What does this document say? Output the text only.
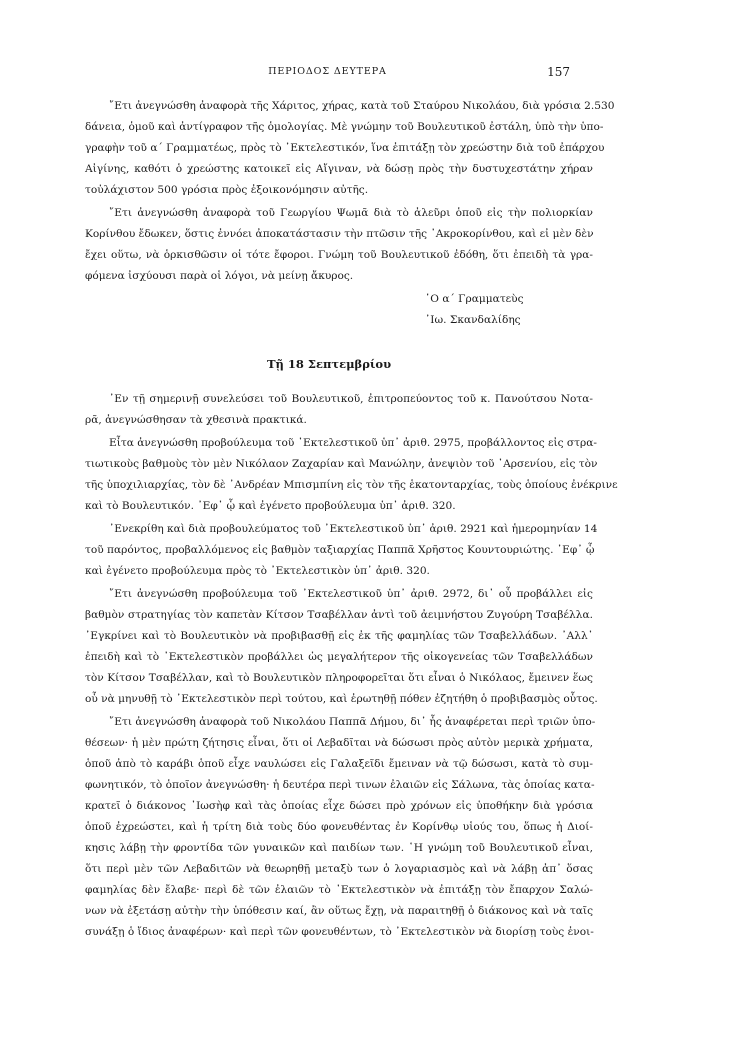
ΠΕΡΙΟΔΟΣ ΔΕΥΤΕΡΑ	157
῎Ετι ἀνεγνώσθη ἀναφορὰ τῆς Χάριτος, χήρας, κατὰ τοῦ Σταύρου Νικολάου, διὰ γρόσια 2.530
δάνεια, ὁμοῦ καὶ ἀντίγραφον τῆς ὁμολογίας. Μὲ γνώμην τοῦ Βουλευτικοῦ ἐστάλη, ὑπὸ τὴν ὑπο-
γραφὴν τοῦ α΄ Γραμματέως, πρὸς τὸ ᾿Εκτελεστικόν, ἵνα ἐπιτάξῃ τὸν χρεώστην διὰ τοῦ ἐπάρχου
Αἰγίνης, καθότι ὁ χρεώστης κατοικεῖ εἰς Αἴγιναν, νὰ δώσῃ πρὸς τὴν δυστυχεστάτην χήραν
τοὐλάχιστον 500 γρόσια πρὸς ἐξοικονόμησιν αὐτῆς.
῎Ετι ἀνεγνώσθη ἀναφορὰ τοῦ Γεωργίου Ψωμᾶ διὰ τὸ ἀλεῦρι ὁποῦ εἰς τὴν πολιορκίαν
Κορίνθου ἔδωκεν, ὅστις ἐννόει ἀποκατάστασιν τὴν πτῶσιν τῆς ᾿Ακροκορίνθου, καὶ εἰ μὲν δὲν
ἔχει οὕτω, νὰ ὁρκισθῶσιν οἱ τότε ἔφοροι. Γνώμη τοῦ Βουλευτικοῦ ἐδόθη, ὅτι ἐπειδὴ τὰ γρα-
φόμενα ἰσχύουσι παρὰ οἱ λόγοι, νὰ μείνῃ ἄκυρος.
῾Ο α΄ Γραμματεὺς
᾿Ιω. Σκανδαλίδης
Τῇ 18 Σεπτεμβρίου
᾿Εν τῇ σημερινῇ συνελεύσει τοῦ Βουλευτικοῦ, ἐπιτροπεύοντος τοῦ κ. Πανούτσου Νοτα-
ρᾶ, ἀνεγνώσθησαν τὰ χθεσινὰ πρακτικά.
Εἶτα ἀνεγνώσθη προβούλευμα τοῦ ᾿Εκτελεστικοῦ ὑπ᾿ ἀριθ. 2975, προβάλλοντος εἰς στρα-
τιωτικοὺς βαθμοὺς τὸν μὲν Νικόλαον Ζαχαρίαν καὶ Μανώλην, ἀνεψιὸν τοῦ ᾿Αρσενίου, εἰς τὸν
τῆς ὑποχιλιαρχίας, τὸν δὲ ᾿Ανδρέαν Μπισμπίνη εἰς τὸν τῆς ἑκατονταρχίας, τοὺς ὁποίους ἐνέκρινε
καὶ τὸ Βουλευτικόν. ᾿Εφ᾿ ᾧ καὶ ἐγένετο προβούλευμα ὑπ᾿ ἀριθ. 320.
᾿Ενεκρίθη καὶ διὰ προβουλεύματος τοῦ ᾿Εκτελεστικοῦ ὑπ᾿ ἀριθ. 2921 καὶ ἡμερομηνίαν 14
τοῦ παρόντος, προβαλλόμενος εἰς βαθμὸν ταξιαρχίας Παππᾶ Χρῆστος Κουντουριώτης. ᾿Εφ᾿ ᾧ
καὶ ἐγένετο προβούλευμα πρὸς τὸ ᾿Εκτελεστικὸν ὑπ᾿ ἀριθ. 320.
῎Ετι ἀνεγνώσθη προβούλευμα τοῦ ᾿Εκτελεστικοῦ ὑπ᾿ ἀριθ. 2972, δι᾿ οὗ προβάλλει εἰς
βαθμὸν στρατηγίας τὸν καπετὰν Κίτσον Τσαβέλλαν ἀντὶ τοῦ ἀειμνήστου Ζυγούρη Τσαβέλλα.
᾿Εγκρίνει καὶ τὸ Βουλευτικὸν νὰ προβιβασθῇ εἰς ἐκ τῆς φαμηλίας τῶν Τσαβελλάδων. ᾿Αλλ᾿
ἐπειδὴ καὶ τὸ ᾿Εκτελεστικὸν προβάλλει ὡς μεγαλήτερον τῆς οἰκογενείας τῶν Τσαβελλάδων
τὸν Κίτσον Τσαβέλλαν, καὶ τὸ Βουλευτικὸν πληροφορεῖται ὅτι εἶναι ὁ Νικόλαος, ἔμεινεν ἕως
οὗ νὰ μηνυθῇ τὸ ᾿Εκτελεστικὸν περὶ τούτου, καὶ ἐρωτηθῇ πόθεν ἐζητήθη ὁ προβιβασμὸς οὗτος.
῎Ετι ἀνεγνώσθη ἀναφορὰ τοῦ Νικολάου Παππᾶ Δήμου, δι᾿ ἧς ἀναφέρεται περὶ τριῶν ὑπο-
θέσεων· ἡ μὲν πρώτη ζήτησις εἶναι, ὅτι οἱ Λεβαδῖται νὰ δώσωσι πρὸς αὐτὸν μερικὰ χρήματα,
ὁποῦ ἀπὸ τὸ καράβι ὁποῦ εἶχε ναυλώσει εἰς Γαλαξεῖδι ἔμειναν νὰ τῷ δώσωσι, κατὰ τὸ συμ-
φωνητικόν, τὸ ὁποῖον ἀνεγνώσθη· ἡ δευτέρα περὶ τινων ἐλαιῶν εἰς Σάλωνα, τὰς ὁποίας κατα-
κρατεῖ ὁ διάκονος ᾿Ιωσὴφ καὶ τὰς ὁποίας εἶχε δώσει πρὸ χρόνων εἰς ὑποθήκην διὰ γρόσια
ὁποῦ ἐχρεώστει, καὶ ἡ τρίτη διὰ τοὺς δύο φονευθέντας ἐν Κορίνθῳ υἱούς του, ὅπως ἡ Διοί-
κησις λάβῃ τὴν φροντίδα τῶν γυναικῶν καὶ παιδίων των. ῾Η γνώμη τοῦ Βουλευτικοῦ εἶναι,
ὅτι περὶ μὲν τῶν Λεβαδιτῶν νὰ θεωρηθῇ μεταξὺ των ὁ λογαριασμὸς καὶ νὰ λάβῃ ἀπ᾿ ὅσας
φαμηλίας δὲν ἔλαβε· περὶ δὲ τῶν ἐλαιῶν τὸ ᾿Εκτελεστικὸν νὰ ἐπιτάξῃ τὸν ἔπαρχον Σαλώ-
νων νὰ ἐξετάσῃ αὐτὴν τὴν ὑπόθεσιν καί, ἂν οὕτως ἔχῃ, νὰ παραιτηθῇ ὁ διάκονος καὶ νὰ ταῖς
συνάξῃ ὁ ἴδιος ἀναφέρων· καὶ περὶ τῶν φονευθέντων, τὸ ᾿Εκτελεστικὸν νὰ διορίσῃ τοὺς ἐνοι-
